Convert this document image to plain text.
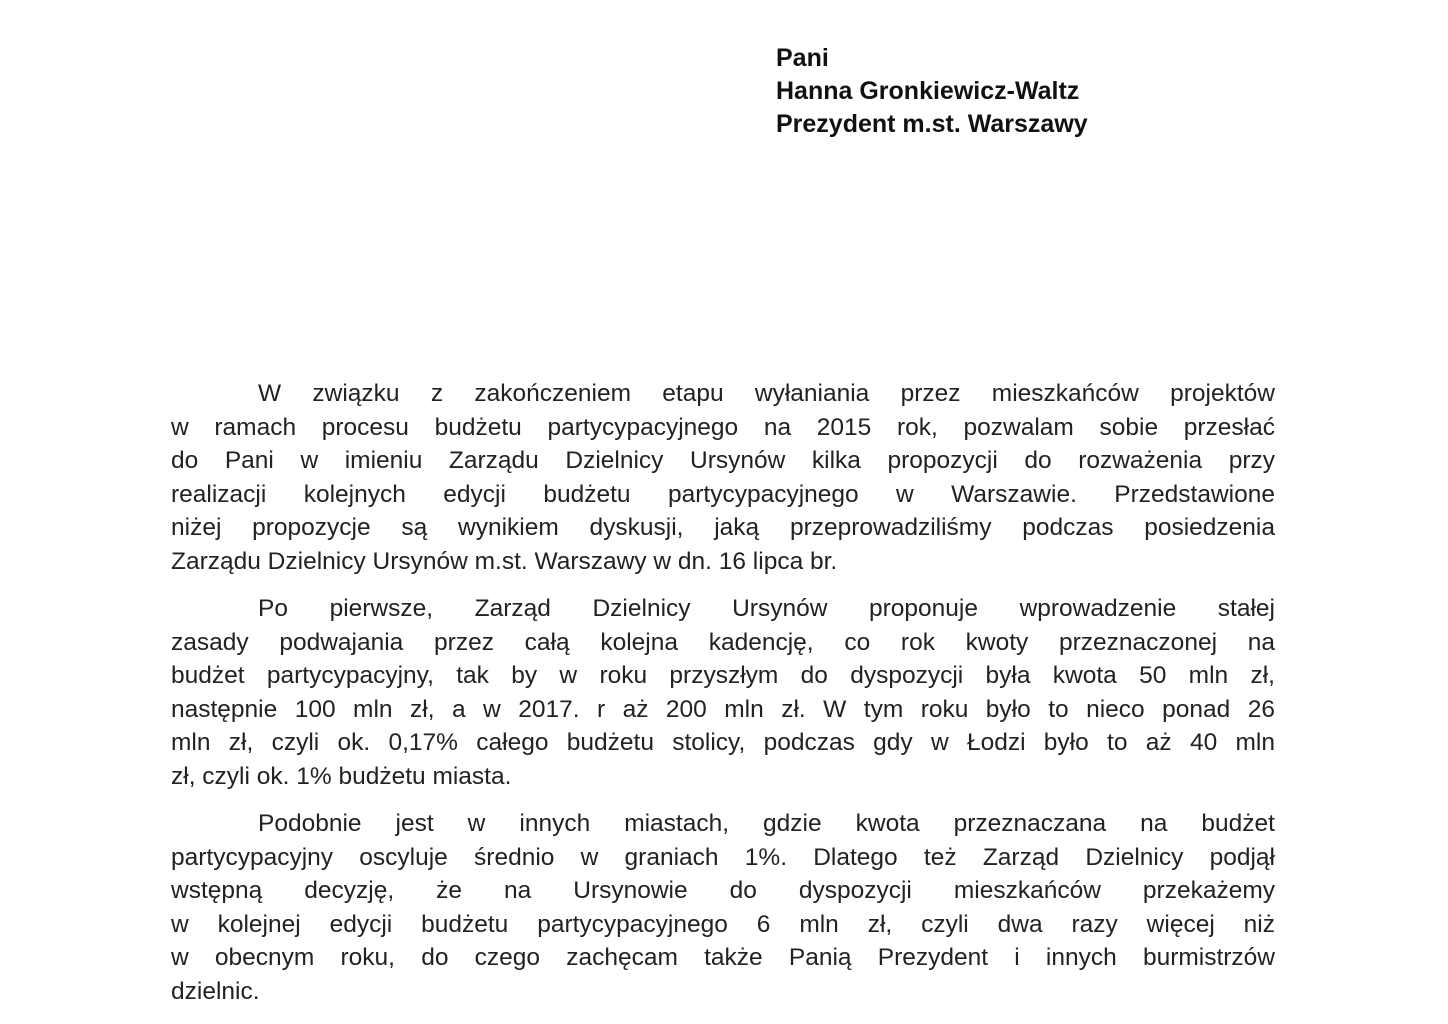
Pani
Hanna Gronkiewicz-Waltz
Prezydent m.st. Warszawy
W związku z zakończeniem etapu wyłaniania przez mieszkańców projektów
w ramach procesu budżetu partycypacyjnego na 2015 rok, pozwalam sobie przesłać
do Pani w imieniu Zarządu Dzielnicy Ursynów kilka propozycji do rozważenia przy
realizacji kolejnych edycji budżetu partycypacyjnego w Warszawie. Przedstawione
niżej propozycje są wynikiem dyskusji, jaką przeprowadziliśmy podczas posiedzenia
Zarządu Dzielnicy Ursynów m.st. Warszawy w dn. 16 lipca br.
Po pierwsze, Zarząd Dzielnicy Ursynów proponuje wprowadzenie stałej
zasady podwajania przez całą kolejna kadencję, co rok kwoty przeznaczonej na
budżet partycypacyjny, tak by w roku przyszłym do dyspozycji była kwota 50 mln zł,
następnie 100 mln zł, a w 2017. r aż 200 mln zł. W tym roku było to nieco ponad 26
mln zł, czyli ok. 0,17% całego budżetu stolicy, podczas gdy w Łodzi było to aż 40 mln
zł, czyli ok. 1% budżetu miasta.
Podobnie jest w innych miastach, gdzie kwota przeznaczana na budżet
partycypacyjny oscyluje średnio w graniach 1%. Dlatego też Zarząd Dzielnicy podjął
wstępną decyzję, że na Ursynowie do dyspozycji mieszkańców przekażemy
w kolejnej edycji budżetu partycypacyjnego 6 mln zł, czyli dwa razy więcej niż
w obecnym roku, do czego zachęcam także Panią Prezydent i innych burmistrzów
dzielnic.
